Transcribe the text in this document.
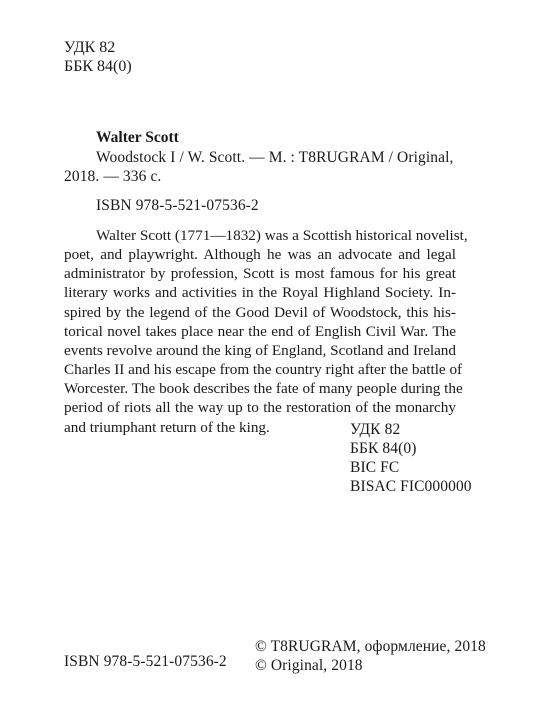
УДК 82
ББК 84(0)
Walter Scott
Woodstock I / W. Scott. — M. : T8RUGRAM / Original,
2018. — 336 с.
ISBN 978-5-521-07536-2
Walter Scott (1771—1832) was a Scottish historical novelist,
poet, and playwright. Although he was an advocate and legal
administrator by profession, Scott is most famous for his great
literary works and activities in the Royal Highland Society. In-
spired by the legend of the Good Devil of Woodstock, this his-
torical novel takes place near the end of English Civil War. The
events revolve around the king of England, Scotland and Ireland
Charles II and his escape from the country right after the battle of
Worcester. The book describes the fate of many people during the
period of riots all the way up to the restoration of the monarchy
and triumphant return of the king.	УДК 82
ББК 84(0)
BIC FC
BISAC FIC000000
ISBN 978-5-521-07536-2
© T8RUGRAM, оформление, 2018
© Original, 2018
